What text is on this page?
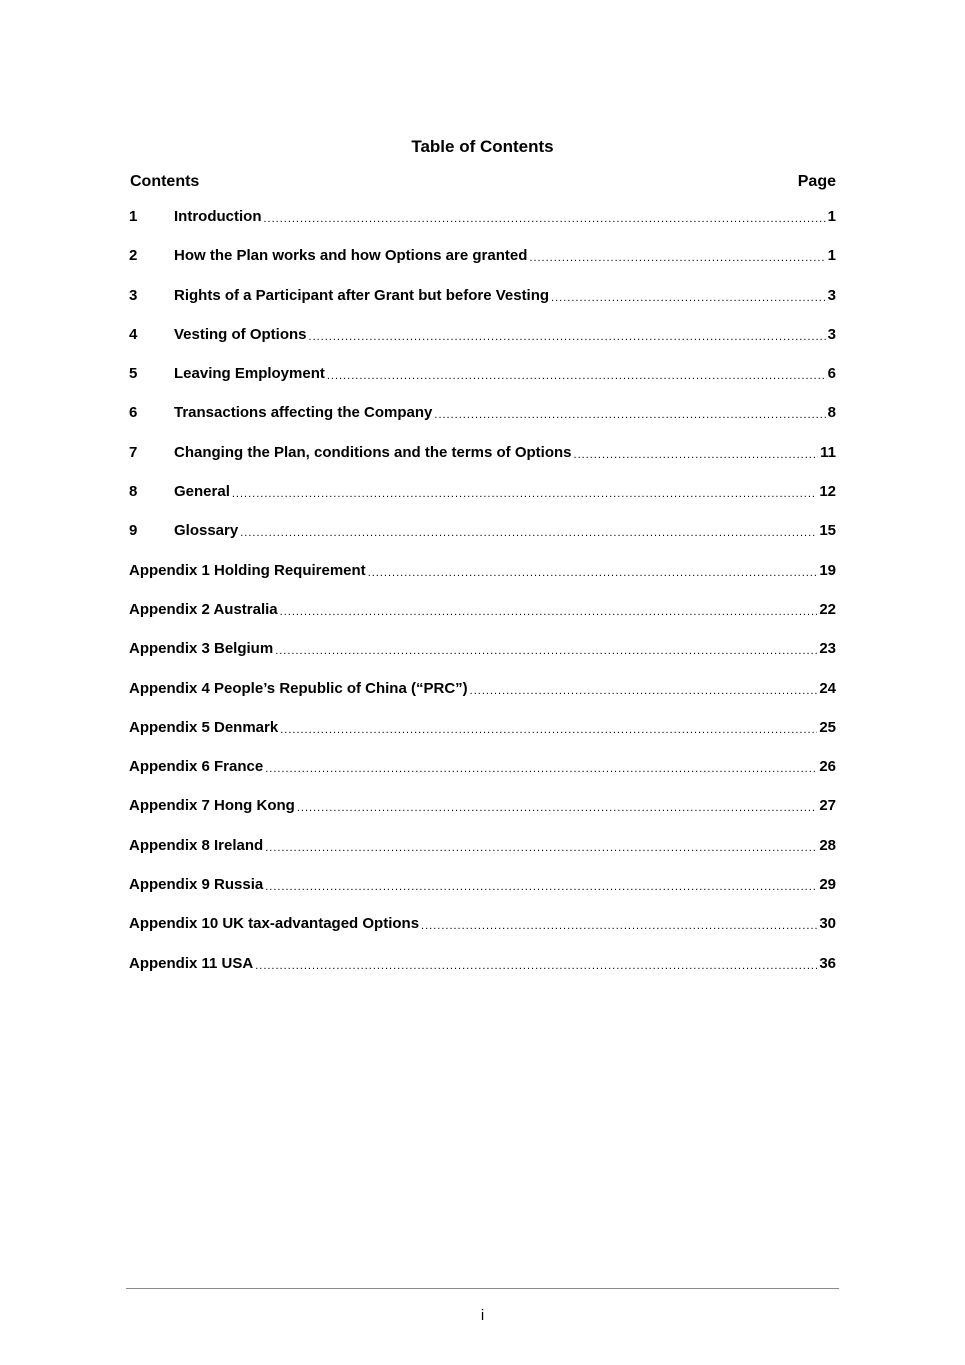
Table of Contents
Contents	Page
1	Introduction .....	1
2	How the Plan works and how Options are granted .....	1
3	Rights of a Participant after Grant but before Vesting .....	3
4	Vesting of Options .....	3
5	Leaving Employment .....	6
6	Transactions affecting the Company .....	8
7	Changing the Plan, conditions and the terms of Options .....	11
8	General .....	12
9	Glossary .....	15
Appendix 1 Holding Requirement .....	19
Appendix 2 Australia .....	22
Appendix 3 Belgium .....	23
Appendix 4 People’s Republic of China (“PRC”) .....	24
Appendix 5 Denmark .....	25
Appendix 6 France .....	26
Appendix 7 Hong Kong .....	27
Appendix 8 Ireland .....	28
Appendix 9 Russia .....	29
Appendix 10 UK tax-advantaged Options .....	30
Appendix 11 USA .....	36
i
